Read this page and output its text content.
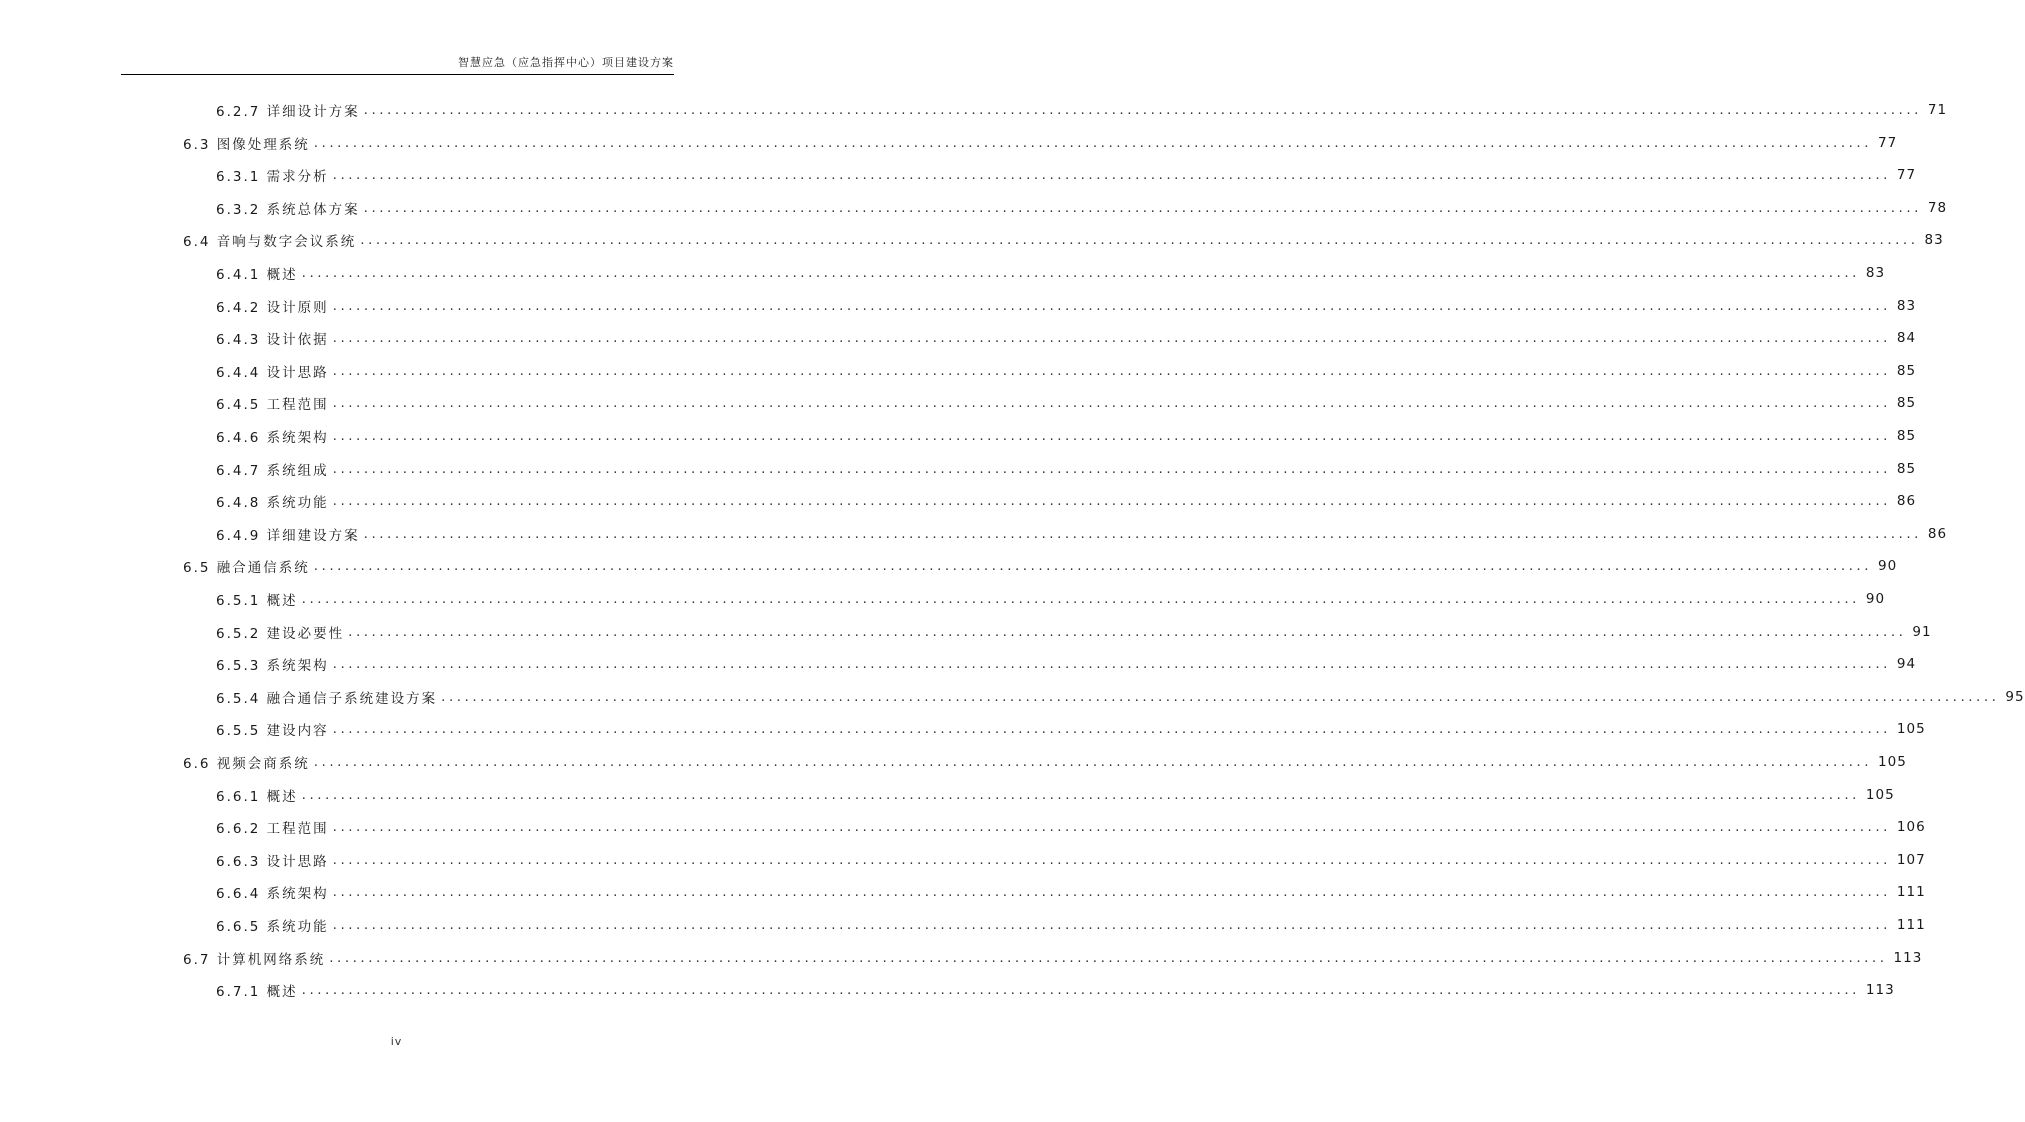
智慧应急（应急指挥中心）项目建设方案
6.2.7 详细设计方案 ........................................................................................................................................................................................................ 71
6.3 图像处理系统 ........................................................................................................................................................................................................ 77
6.3.1 需求分析 ........................................................................................................................................................................................................ 77
6.3.2 系统总体方案 ........................................................................................................................................................................................................ 78
6.4 音响与数字会议系统 ........................................................................................................................................................................................................ 83
6.4.1 概述 ........................................................................................................................................................................................................ 83
6.4.2 设计原则 ........................................................................................................................................................................................................ 83
6.4.3 设计依据 ........................................................................................................................................................................................................ 84
6.4.4 设计思路 ........................................................................................................................................................................................................ 85
6.4.5 工程范围 ........................................................................................................................................................................................................ 85
6.4.6 系统架构 ........................................................................................................................................................................................................ 85
6.4.7 系统组成 ........................................................................................................................................................................................................ 85
6.4.8 系统功能 ........................................................................................................................................................................................................ 86
6.4.9 详细建设方案 ........................................................................................................................................................................................................ 86
6.5 融合通信系统 ........................................................................................................................................................................................................ 90
6.5.1 概述 ........................................................................................................................................................................................................ 90
6.5.2 建设必要性 ........................................................................................................................................................................................................ 91
6.5.3 系统架构 ........................................................................................................................................................................................................ 94
6.5.4 融合通信子系统建设方案 ........................................................................................................................................................................................................ 95
6.5.5 建设内容 ........................................................................................................................................................................................................ 105
6.6 视频会商系统 ........................................................................................................................................................................................................ 105
6.6.1 概述 ........................................................................................................................................................................................................ 105
6.6.2 工程范围 ........................................................................................................................................................................................................ 106
6.6.3 设计思路 ........................................................................................................................................................................................................ 107
6.6.4 系统架构 ........................................................................................................................................................................................................ 111
6.6.5 系统功能 ........................................................................................................................................................................................................ 111
6.7 计算机网络系统 ........................................................................................................................................................................................................ 113
6.7.1 概述 ........................................................................................................................................................................................................ 113
iv
